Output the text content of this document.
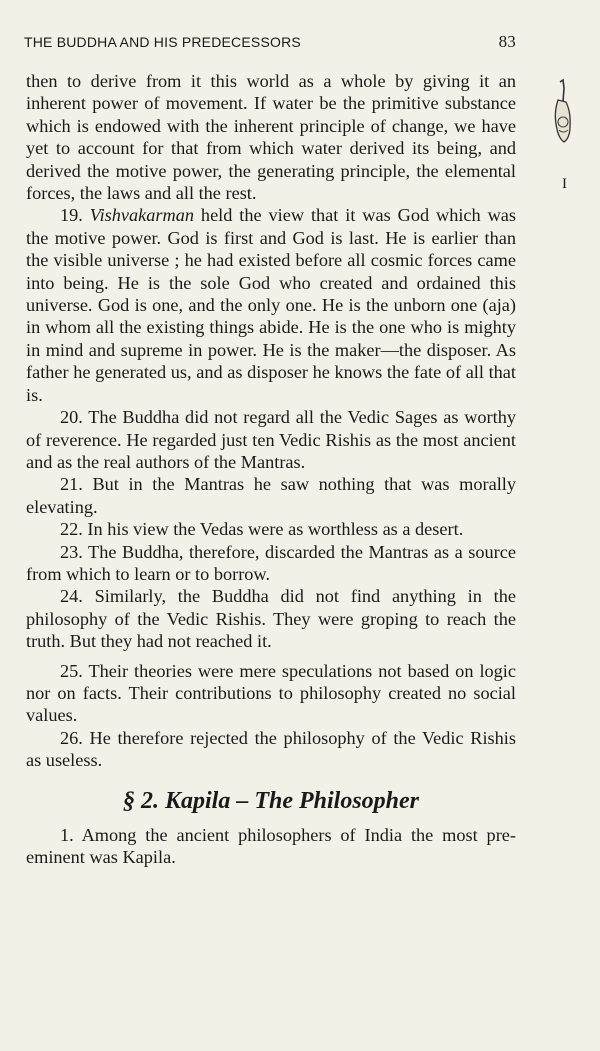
THE BUDDHA AND HIS PREDECESSORS	83
I

then to derive from it this world as a whole by giving it an inherent power of movement. If water be the primitive substance which is endowed with the inherent principle of change, we have yet to account for that from which water derived its being, and derived the motive power, the generating principle, the elemental forces, the laws and all the rest.

19. Vishvakarman held the view that it was God which was the motive power. God is first and God is last. He is earlier than the visible universe ; he had existed before all cosmic forces came into being. He is the sole God who created and ordained this universe. God is one, and the only one. He is the unborn one (aja) in whom all the existing things abide. He is the one who is mighty in mind and supreme in power. He is the maker—the disposer. As father he generated us, and as disposer he knows the fate of all that is.

20. The Buddha did not regard all the Vedic Sages as worthy of reverence. He regarded just ten Vedic Rishis as the most ancient and as the real authors of the Mantras.

21. But in the Mantras he saw nothing that was morally elevating.

22. In his view the Vedas were as worthless as a desert.

23. The Buddha, therefore, discarded the Mantras as a source from which to learn or to borrow.

24. Similarly, the Buddha did not find anything in the philosophy of the Vedic Rishis. They were groping to reach the truth. But they had not reached it.

25. Their theories were mere speculations not based on logic nor on facts. Their contributions to philosophy created no social values.

26. He therefore rejected the philosophy of the Vedic Rishis as useless.

§ 2. Kapila – The Philosopher

1. Among the ancient philosophers of India the most pre-eminent was Kapila.
